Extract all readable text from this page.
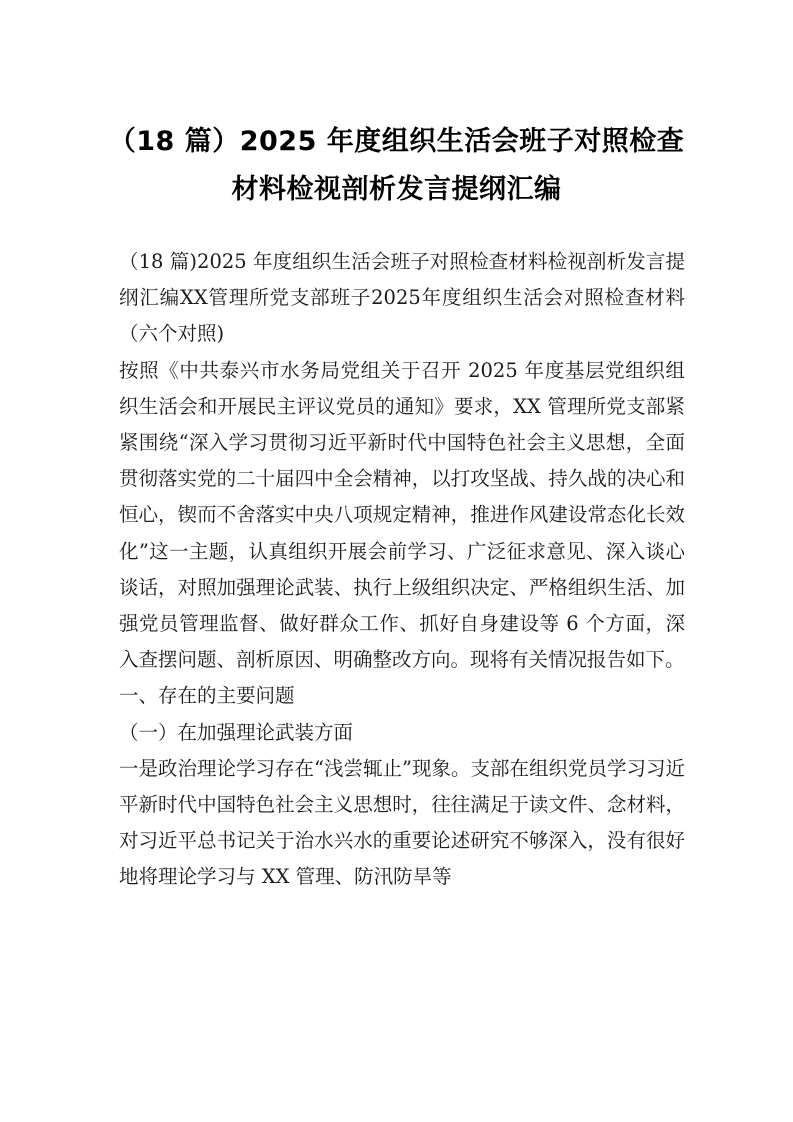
（18 篇）2025 年度组织生活会班子对照检查材料检视剖析发言提纲汇编

（18 篇)2025 年度组织生活会班子对照检查材料检视剖析发言提纲汇编XX管理所党支部班子2025年度组织生活会对照检查材料（六个对照)

按照《中共泰兴市水务局党组关于召开 2025 年度基层党组织组织生活会和开展民主评议党员的通知》要求，XX 管理所党支部紧紧围绕“深入学习贯彻习近平新时代中国特色社会主义思想，全面贯彻落实党的二十届四中全会精神，以打攻坚战、持久战的决心和恒心，锲而不舍落实中央八项规定精神，推进作风建设常态化长效化”这一主题，认真组织开展会前学习、广泛征求意见、深入谈心谈话，对照加强理论武装、执行上级组织决定、严格组织生活、加强党员管理监督、做好群众工作、抓好自身建设等 6 个方面，深入查摆问题、剖析原因、明确整改方向。现将有关情况报告如下。

一、存在的主要问题

（一）在加强理论武装方面

一是政治理论学习存在“浅尝辄止”现象。支部在组织党员学习习近平新时代中国特色社会主义思想时，往往满足于读文件、念材料，对习近平总书记关于治水兴水的重要论述研究不够深入，没有很好地将理论学习与 XX 管理、防汛防旱等
